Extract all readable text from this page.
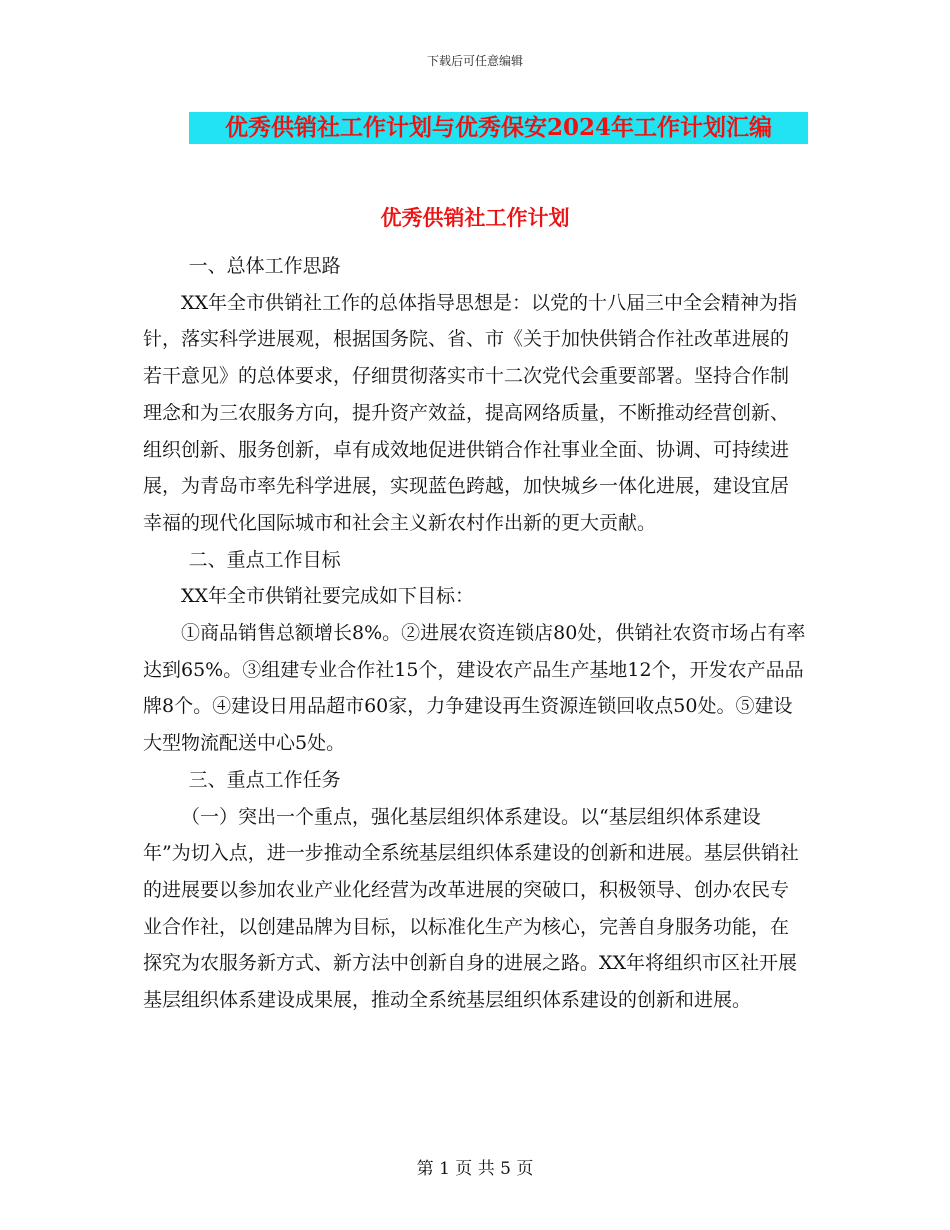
下载后可任意编辑
优秀供销社工作计划与优秀保安2024年工作计划汇编
优秀供销社工作计划

一、总体工作思路

XX年全市供销社工作的总体指导思想是：以党的十八届三中全会精神为指针，落实科学进展观，根据国务院、省、市《关于加快供销合作社改革进展的若干意见》的总体要求，仔细贯彻落实市十二次党代会重要部署。坚持合作制理念和为三农服务方向，提升资产效益，提高网络质量，不断推动经营创新、组织创新、服务创新，卓有成效地促进供销合作社事业全面、协调、可持续进展，为青岛市率先科学进展，实现蓝色跨越，加快城乡一体化进展，建设宜居幸福的现代化国际城市和社会主义新农村作出新的更大贡献。

二、重点工作目标

XX年全市供销社要完成如下目标：

①商品销售总额增长8%。②进展农资连锁店80处，供销社农资市场占有率达到65%。③组建专业合作社15个，建设农产品生产基地12个，开发农产品品牌8个。④建设日用品超市60家，力争建设再生资源连锁回收点50处。⑤建设大型物流配送中心5处。

三、重点工作任务

（一）突出一个重点，强化基层组织体系建设。以“基层组织体系建设年”为切入点，进一步推动全系统基层组织体系建设的创新和进展。基层供销社的进展要以参加农业产业化经营为改革进展的突破口，积极领导、创办农民专业合作社，以创建品牌为目标，以标准化生产为核心，完善自身服务功能，在探究为农服务新方式、新方法中创新自身的进展之路。XX年将组织市区社开展基层组织体系建设成果展，推动全系统基层组织体系建设的创新和进展。

第 1 页 共 5 页
